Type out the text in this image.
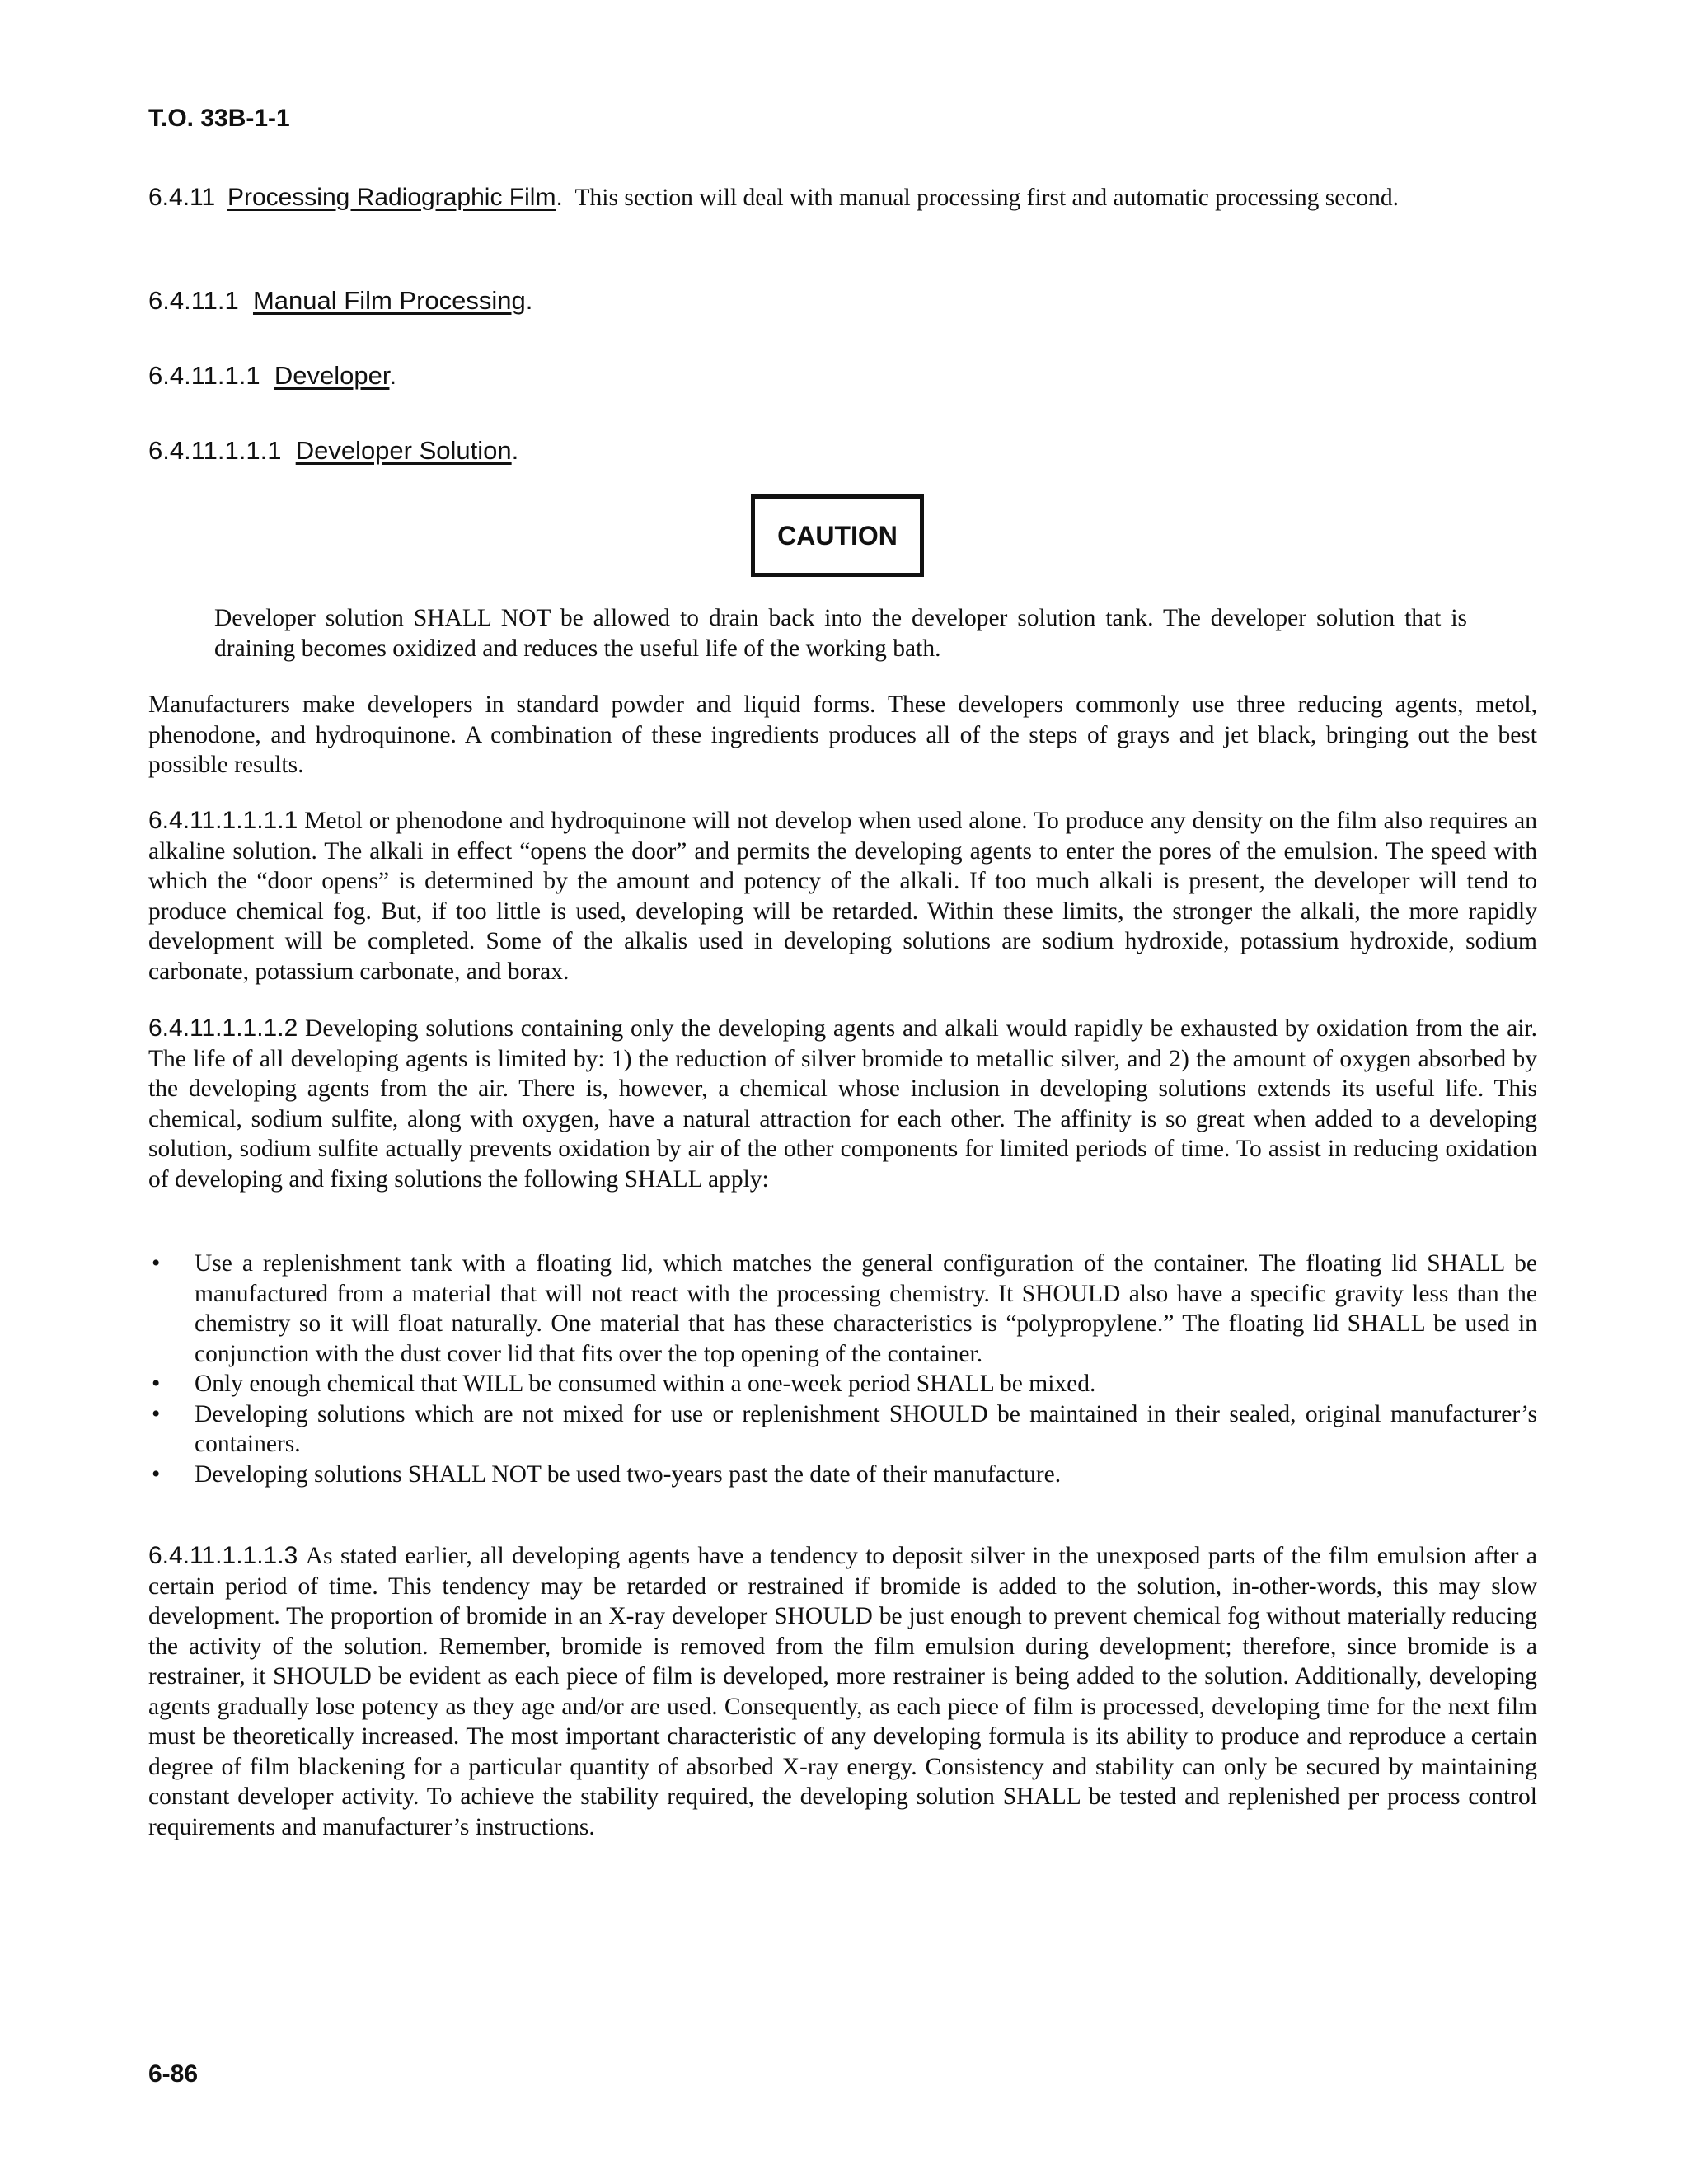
T.O. 33B-1-1
6.4.11 Processing Radiographic Film. This section will deal with manual processing first and automatic processing second.
6.4.11.1 Manual Film Processing.
6.4.11.1.1 Developer.
6.4.11.1.1.1 Developer Solution.
CAUTION
Developer solution SHALL NOT be allowed to drain back into the developer solution tank. The developer solution that is draining becomes oxidized and reduces the useful life of the working bath.
Manufacturers make developers in standard powder and liquid forms. These developers commonly use three reducing agents, metol, phenodone, and hydroquinone. A combination of these ingredients produces all of the steps of grays and jet black, bringing out the best possible results.
6.4.11.1.1.1.1 Metol or phenodone and hydroquinone will not develop when used alone. To produce any density on the film also requires an alkaline solution. The alkali in effect “opens the door” and permits the developing agents to enter the pores of the emulsion. The speed with which the “door opens” is determined by the amount and potency of the alkali. If too much alkali is present, the developer will tend to produce chemical fog. But, if too little is used, developing will be retarded. Within these limits, the stronger the alkali, the more rapidly development will be completed. Some of the alkalis used in developing solutions are sodium hydroxide, potassium hydroxide, sodium carbonate, potassium carbonate, and borax.
6.4.11.1.1.1.2 Developing solutions containing only the developing agents and alkali would rapidly be exhausted by oxidation from the air. The life of all developing agents is limited by: 1) the reduction of silver bromide to metallic silver, and 2) the amount of oxygen absorbed by the developing agents from the air. There is, however, a chemical whose inclusion in developing solutions extends its useful life. This chemical, sodium sulfite, along with oxygen, have a natural attraction for each other. The affinity is so great when added to a developing solution, sodium sulfite actually prevents oxidation by air of the other components for limited periods of time. To assist in reducing oxidation of developing and fixing solutions the following SHALL apply:
• Use a replenishment tank with a floating lid, which matches the general configuration of the container. The floating lid SHALL be manufactured from a material that will not react with the processing chemistry. It SHOULD also have a specific gravity less than the chemistry so it will float naturally. One material that has these characteristics is “polypropylene.” The floating lid SHALL be used in conjunction with the dust cover lid that fits over the top opening of the container.
• Only enough chemical that WILL be consumed within a one-week period SHALL be mixed.
• Developing solutions which are not mixed for use or replenishment SHOULD be maintained in their sealed, original manufacturer’s containers.
• Developing solutions SHALL NOT be used two-years past the date of their manufacture.
6.4.11.1.1.1.3 As stated earlier, all developing agents have a tendency to deposit silver in the unexposed parts of the film emulsion after a certain period of time. This tendency may be retarded or restrained if bromide is added to the solution, in-other-words, this may slow development. The proportion of bromide in an X-ray developer SHOULD be just enough to prevent chemical fog without materially reducing the activity of the solution. Remember, bromide is removed from the film emulsion during development; therefore, since bromide is a restrainer, it SHOULD be evident as each piece of film is developed, more restrainer is being added to the solution. Additionally, developing agents gradually lose potency as they age and/or are used. Consequently, as each piece of film is processed, developing time for the next film must be theoretically increased. The most important characteristic of any developing formula is its ability to produce and reproduce a certain degree of film blackening for a particular quantity of absorbed X-ray energy. Consistency and stability can only be secured by maintaining constant developer activity. To achieve the stability required, the developing solution SHALL be tested and replenished per process control requirements and manufacturer’s instructions.
6-86
